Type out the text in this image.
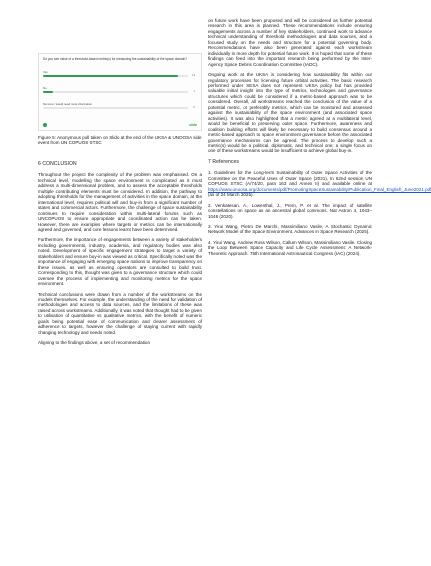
Do you see value of a threshold-based metric(s) for measuring the sustainability of the space domain?
Yes
13
No
1
Not sure / would need more information
0
slido
Figure 5: Anonymous poll taken on Slido at the end of the UKSA & UNOOSA side event from UN COPUOS STSC
6 CONCLUSION

Throughout the project the complexity of the problem was emphasised. On a technical level, modelling the space environment is complicated as it must address a multi-dimensional problem, and to assess the acceptable thresholds multiple contributing elements must be considered. In addition, the pathway to adopting thresholds for the management of activities in the space domain, at the international level, requires political will and buy-in from a significant number of states and commercial actors. Furthermore, the challenge of space sustainability continues to require consideration within multi-lateral forums such as UNCOPUOS to ensure appropriate and coordinated action can be taken. However, there are examples where targets or metrics can be internationally agreed and governed, and core lessons learnt have been determined.

Furthermore, the importance of engagements between a variety of stakeholders including governments, industry, academia, and regulatory bodies was also noted. Development of specific engagement strategies to target a variety of stakeholders and ensure buy-in was viewed as critical. Specifically noted was the importance of engaging with emerging space nations to improve transparency on these issues, as well as ensuring operators are consulted to build trust. Corresponding to this, thought was given to a governance structure which could oversee the process of implementing and monitoring metrics for the space environment.

Technical conclusions were drawn from a number of the workstreams on the models themselves. For example, the understanding of the need for validation of methodologies and access to data sources, and the limitations of these was raised across workstreams. Additionally, it was noted that thought had to be given to utilisation of quantitative vs qualitative metrics, with the benefit of numeric goals being potential ease of communication and clearer assessment of adherence to targets, however the challenge of staying current with rapidly changing technology and needs noted.

Aligning to the findings above, a set of recommendation

on future work have been proposed and will be considered as further potential research in this area is planned. These recommendations include ensuring engagements across a number of key stakeholders, continued work to advance technical understanding of threshold methodologies and data sources, and a focused study on the needs and structure for a potential governing body. Recommendations have also been generated against each workstream individually in more depth for potential future work. It is hoped that some of these findings can feed into the important research being performed by the Inter-Agency Space Debris Coordination Committee (IADC).

Ongoing work at the UKSA is considering how sustainability fits within our regulatory processes for licensing future orbital activities. The basic research performed under SESA does not represent UKSA policy but has provided valuable initial insight into the type of metrics, technologies and governance structures which could be considered if a metric-based approach was to be considered. Overall, all workstreams reached the conclusion of the value of a potential metric, or preferably metrics, which can be monitored and assessed against the sustainability of the space environment (and associated space activities). It was also highlighted that a metric agreed at a multilateral level, would be beneficial to preserving outer space. Furthermore, awareness and coalition building efforts will likely be necessary to build consensus around a metric-based approach to space environment governance before the associated governance mechanisms can be agreed. The process to develop such a metric(s) would be a political, diplomatic, and technical one; a single focus on one of these workstreams would be insufficient to achieve global buy-in.

7 References

1. Guidelines for the Long-term Sustainability of Outer Space Activities of the Committee on the Peaceful Uses of Outer Space (2021), In 62nd session UN COPUOS STSC (A/74/20, para 163 and Annex II) and available online at https://www.unoosa.org/documents/pdf/PromotingSpaceSustainability/Publication_Final_English_June2021.pdf (as of 24 March 2025).

2. Venkatesan. A., Lowenthal, J., Prem, P. et al. The impact of satellite constellations on space as an ancestral global commons. Nat Astron 4, 1043–1048 (2020).

3. Yirui Wang, Pietro De Marchi, Massimiliano Vasile, A Stochastic Dynamic Network Model of the Space Environment. Advances in Space Research (2025).

4. Yirui Wang, Andrew Ross Wilson, Callum Wilson, Massimiliano Vasile. Closing the Loop Between Space Capacity and Life Cycle Assessment: A Network-Theoretic Approach. 75th International Astronautical Congress (IAC) (2024).
